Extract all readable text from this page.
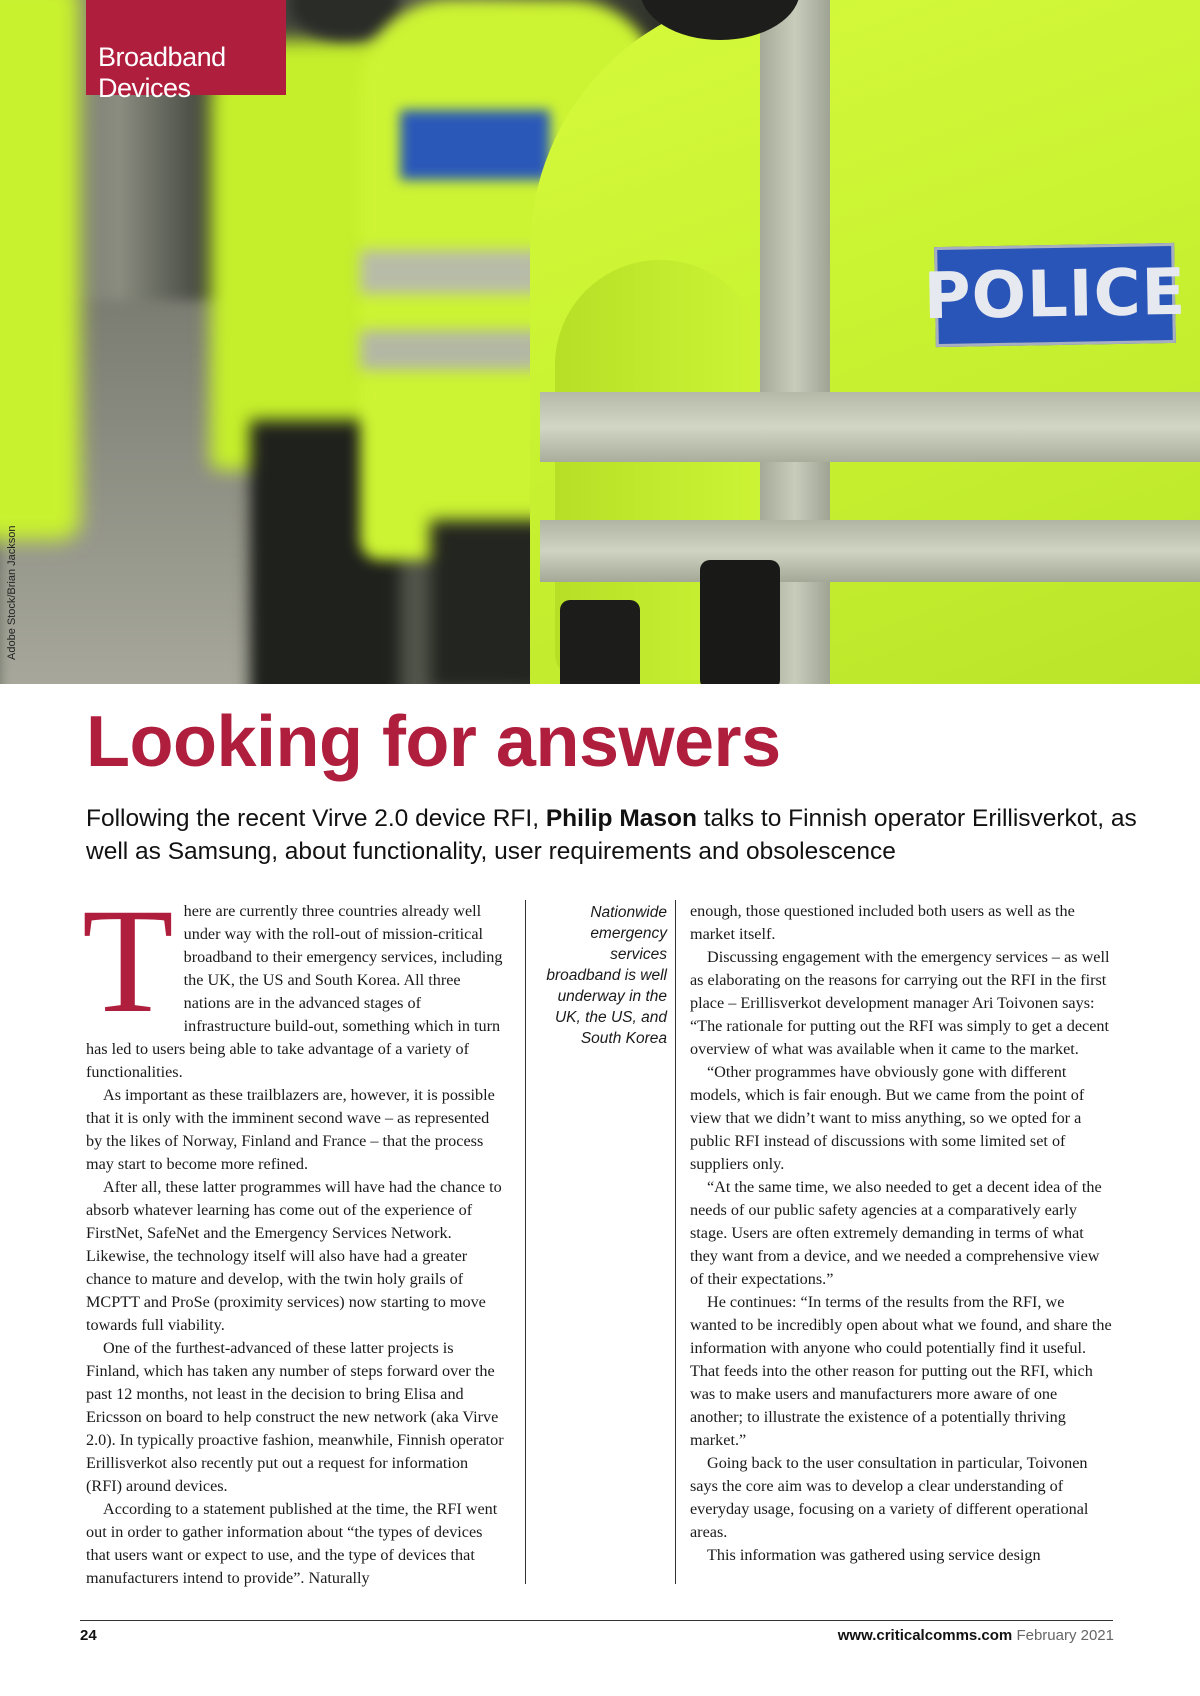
POLICE
Broadband Devices
Adobe Stock/Brian Jackson
Looking for answers

Following the recent Virve 2.0 device RFI, Philip Mason talks to Finnish operator Erillisverkot, as well as Samsung, about functionality, user requirements and obsolescence

T here are currently three countries already well under way with the roll-out of mission-critical broadband to their emergency services, including the UK, the US and South Korea. All three nations are in the advanced stages of infrastructure build-out, something which in turn has led to users being able to take advantage of a variety of functionalities.

As important as these trailblazers are, however, it is possible that it is only with the imminent second wave – as represented by the likes of Norway, Finland and France – that the process may start to become more refined.

After all, these latter programmes will have had the chance to absorb whatever learning has come out of the experience of FirstNet, SafeNet and the Emergency Services Network. Likewise, the technology itself will also have had a greater chance to mature and develop, with the twin holy grails of MCPTT and ProSe (proximity services) now starting to move towards full viability.

One of the furthest-advanced of these latter projects is Finland, which has taken any number of steps forward over the past 12 months, not least in the decision to bring Elisa and Ericsson on board to help construct the new network (aka Virve 2.0). In typically proactive fashion, meanwhile, Finnish operator Erillisverkot also recently put out a request for information (RFI) around devices.

According to a statement published at the time, the RFI went out in order to gather information about “the types of devices that users want or expect to use, and the type of devices that manufacturers intend to provide”. Naturally

Nationwide emergency services broadband is well underway in the UK, the US, and South Korea

enough, those questioned included both users as well as the market itself.

Discussing engagement with the emergency services – as well as elaborating on the reasons for carrying out the RFI in the first place – Erillisverkot development manager Ari Toivonen says: “The rationale for putting out the RFI was simply to get a decent overview of what was available when it came to the market.

“Other programmes have obviously gone with different models, which is fair enough. But we came from the point of view that we didn’t want to miss anything, so we opted for a public RFI instead of discussions with some limited set of suppliers only.

“At the same time, we also needed to get a decent idea of the needs of our public safety agencies at a comparatively early stage. Users are often extremely demanding in terms of what they want from a device, and we needed a comprehensive view of their expectations.”

He continues: “In terms of the results from the RFI, we wanted to be incredibly open about what we found, and share the information with anyone who could potentially find it useful. That feeds into the other reason for putting out the RFI, which was to make users and manufacturers more aware of one another; to illustrate the existence of a potentially thriving market.”

Going back to the user consultation in particular, Toivonen says the core aim was to develop a clear understanding of everyday usage, focusing on a variety of different operational areas.

This information was gathered using service design

24	www.criticalcomms.com February 2021
